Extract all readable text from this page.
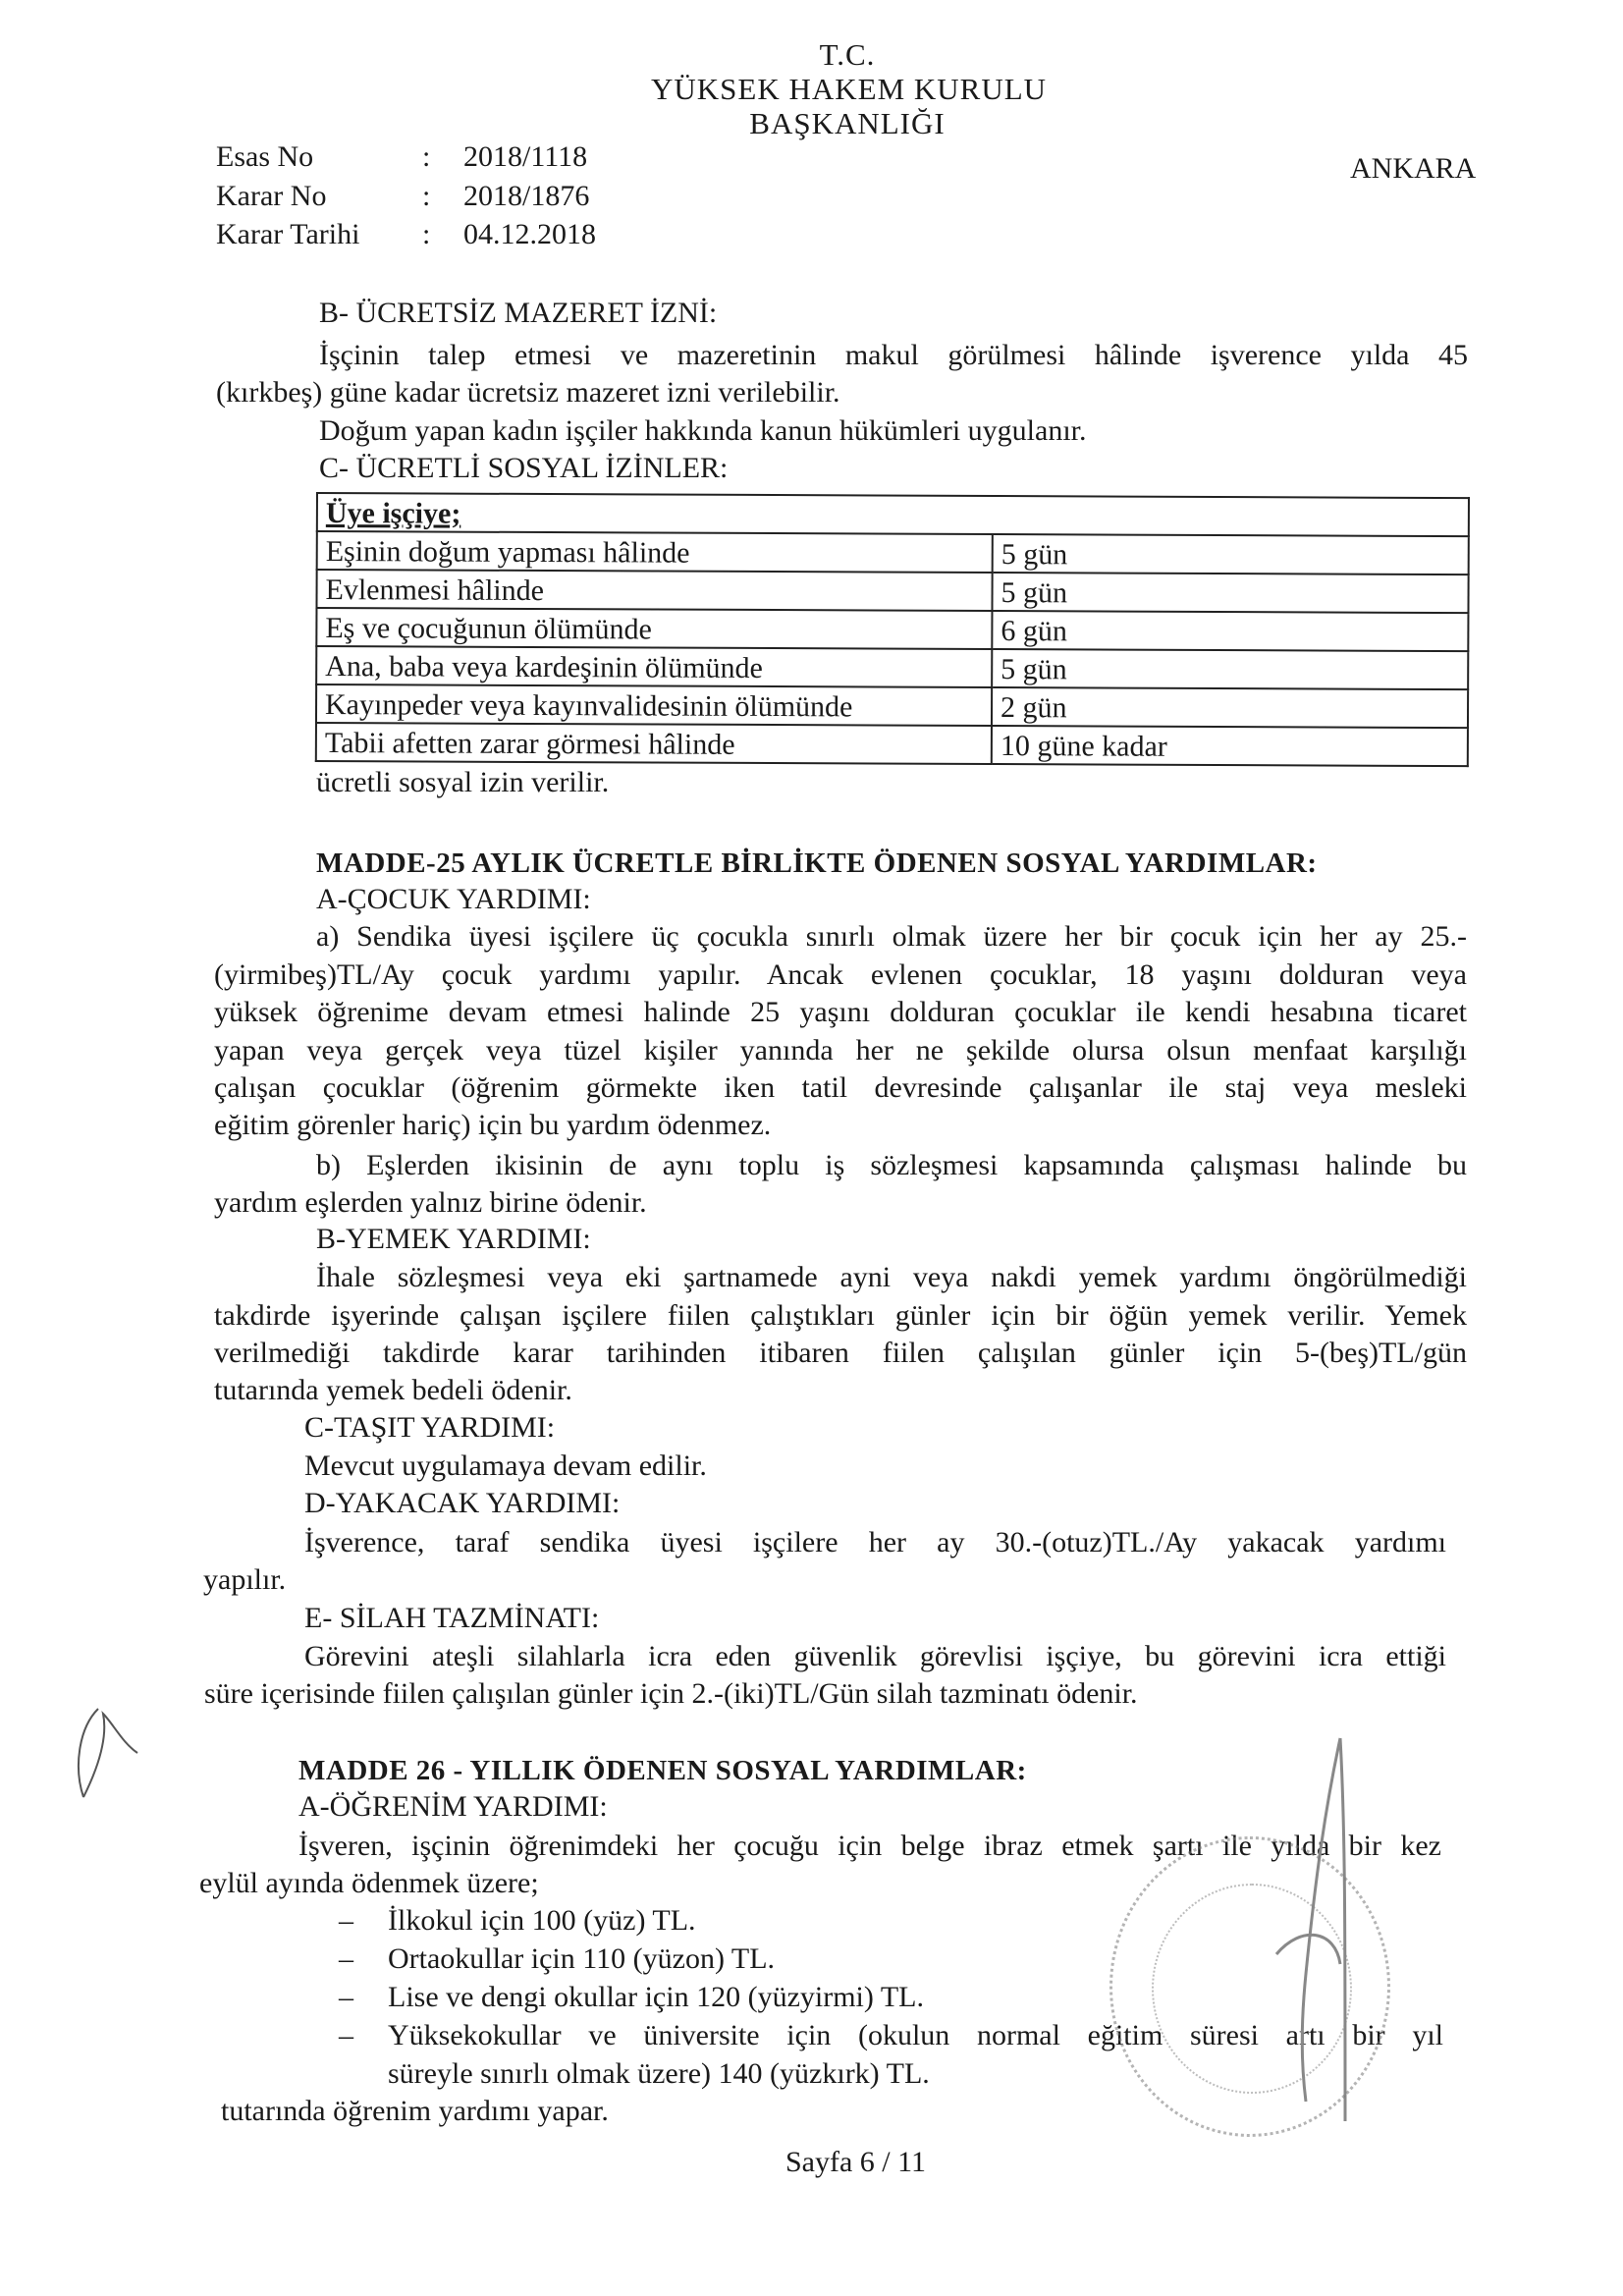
T.C.
YÜKSEK HAKEM KURULU
BAŞKANLIĞI
ANKARA
Esas No	: 2018/1118
Karar No	: 2018/1876
Karar Tarihi : 04.12.2018
B- ÜCRETSİZ MAZERET İZNİ:
İşçinin talep etmesi ve mazeretinin makul görülmesi hâlinde işverence yılda 45
(kırkbeş) güne kadar ücretsiz mazeret izni verilebilir.
Doğum yapan kadın işçiler hakkında kanun hükümleri uygulanır.
C- ÜCRETLİ SOSYAL İZİNLER:
Üye işçiye;	
Eşinin doğum yapması hâlinde	5 gün
Evlenmesi hâlinde	5 gün
Eş ve çocuğunun ölümünde	6 gün
Ana, baba veya kardeşinin ölümünde	5 gün
Kayınpeder veya kayınvalidesinin ölümünde	2 gün
Tabii afetten zarar görmesi hâlinde	10 güne kadar
ücretli sosyal izin verilir.
MADDE-25 AYLIK ÜCRETLE BİRLİKTE ÖDENEN SOSYAL YARDIMLAR:
A-ÇOCUK YARDIMI:
a) Sendika üyesi işçilere üç çocukla sınırlı olmak üzere her bir çocuk için her ay 25.-
(yirmibeş)TL/Ay çocuk yardımı yapılır. Ancak evlenen çocuklar, 18 yaşını dolduran veya
yüksek öğrenime devam etmesi halinde 25 yaşını dolduran çocuklar ile kendi hesabına ticaret
yapan veya gerçek veya tüzel kişiler yanında her ne şekilde olursa olsun menfaat karşılığı
çalışan çocuklar (öğrenim görmekte iken tatil devresinde çalışanlar ile staj veya mesleki
eğitim görenler hariç) için bu yardım ödenmez.
b) Eşlerden ikisinin de aynı toplu iş sözleşmesi kapsamında çalışması halinde bu
yardım eşlerden yalnız birine ödenir.
B-YEMEK YARDIMI:
İhale sözleşmesi veya eki şartnamede ayni veya nakdi yemek yardımı öngörülmediği
takdirde işyerinde çalışan işçilere fiilen çalıştıkları günler için bir öğün yemek verilir. Yemek
verilmediği takdirde karar tarihinden itibaren fiilen çalışılan günler için 5-(beş)TL/gün
tutarında yemek bedeli ödenir.
C-TAŞIT YARDIMI:
Mevcut uygulamaya devam edilir.
D-YAKACAK YARDIMI:
İşverence, taraf sendika üyesi işçilere her ay 30.-(otuz)TL./Ay yakacak yardımı
yapılır.
E- SİLAH TAZMİNATI:
Görevini ateşli silahlarla icra eden güvenlik görevlisi işçiye, bu görevini icra ettiği
süre içerisinde fiilen çalışılan günler için 2.-(iki)TL/Gün silah tazminatı ödenir.
MADDE 26 - YILLIK ÖDENEN SOSYAL YARDIMLAR:
A-ÖĞRENİM YARDIMI:
İşveren, işçinin öğrenimdeki her çocuğu için belge ibraz etmek şartı ile yılda bir kez
eylül ayında ödenmek üzere;
– İlkokul için 100 (yüz) TL.
– Ortaokullar için 110 (yüzon) TL.
– Lise ve dengi okullar için 120 (yüzyirmi) TL.
–	Yüksekokullar ve üniversite için (okulun normal eğitim süresi artı bir yıl
süreyle sınırlı olmak üzere) 140 (yüzkırk) TL.
tutarında öğrenim yardımı yapar.
Sayfa 6 / 11
